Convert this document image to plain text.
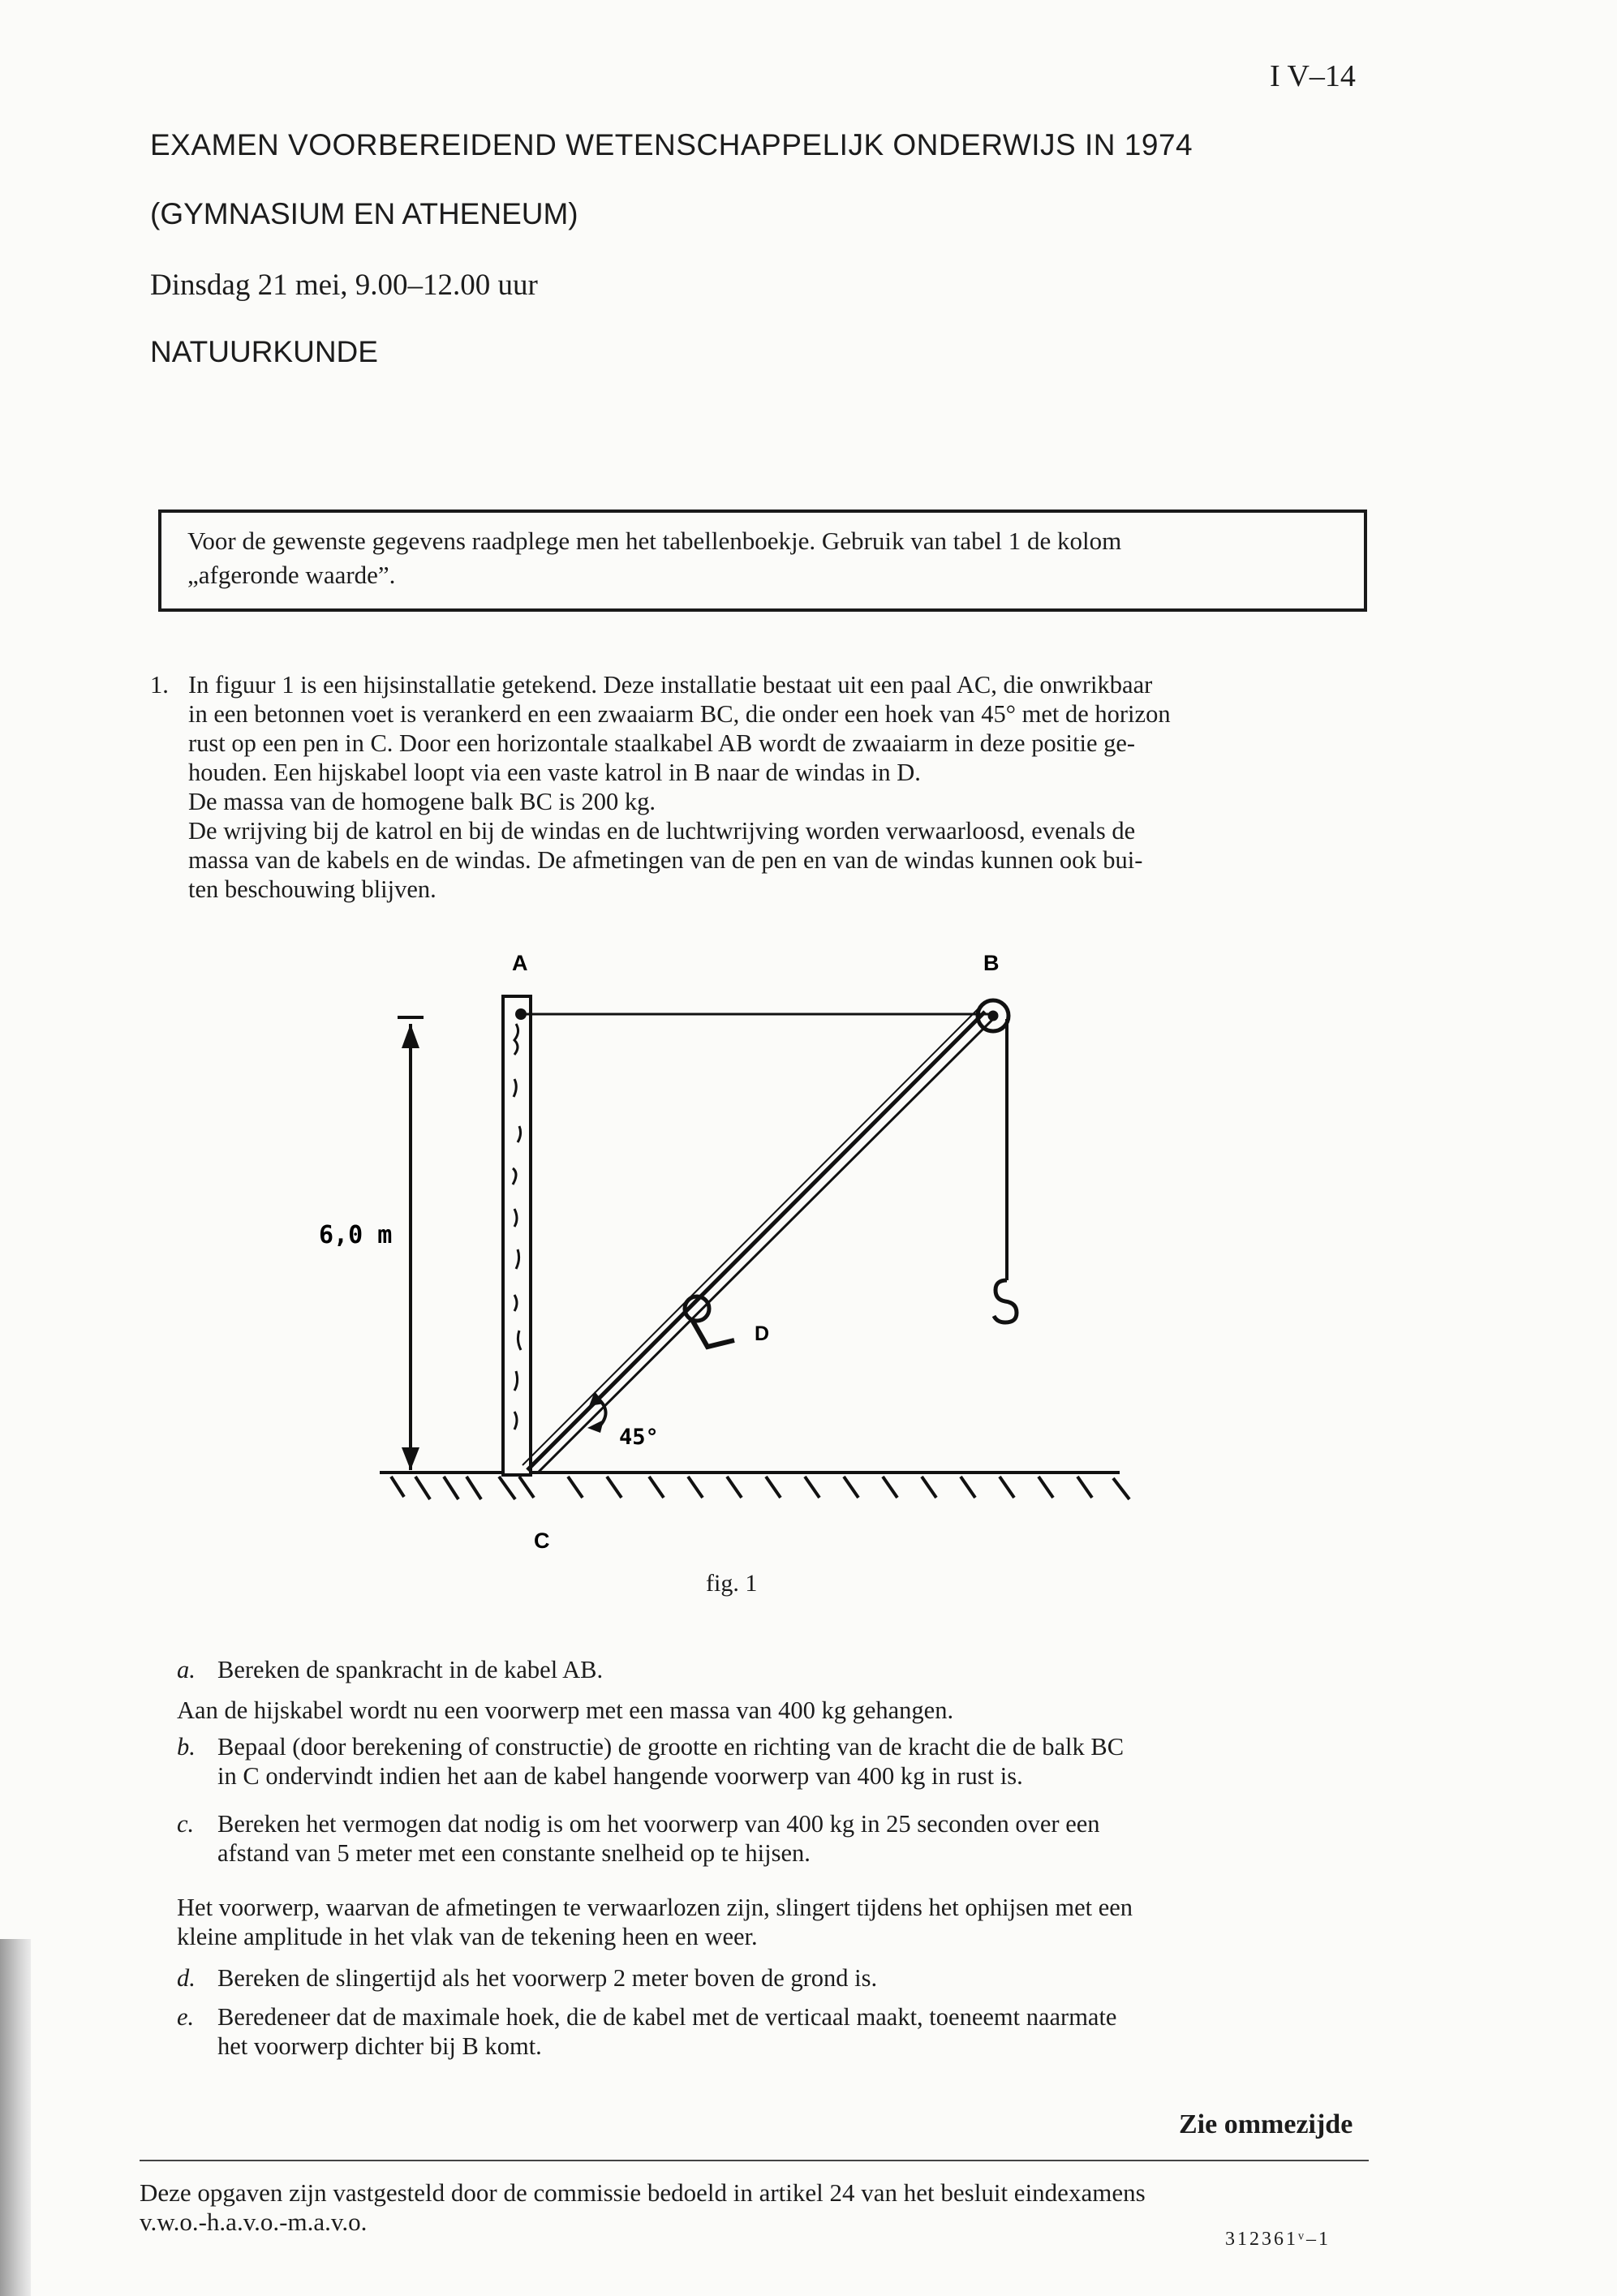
I V–14
EXAMEN VOORBEREIDEND WETENSCHAPPELIJK ONDERWIJS IN 1974
(GYMNASIUM EN ATHENEUM)
Dinsdag 21 mei, 9.00–12.00 uur
NATUURKUNDE
Voor de gewenste gegevens raadplege men het tabellenboekje. Gebruik van tabel 1 de kolom
„afgeronde waarde”.
1. In figuur 1 is een hijsinstallatie getekend. Deze installatie bestaat uit een paal AC, die onwrikbaar
in een betonnen voet is verankerd en een zwaaiarm BC, die onder een hoek van 45° met de horizon
rust op een pen in C. Door een horizontale staalkabel AB wordt de zwaaiarm in deze positie ge-
houden. Een hijskabel loopt via een vaste katrol in B naar de windas in D.
De massa van de homogene balk BC is 200 kg.
De wrijving bij de katrol en bij de windas en de luchtwrijving worden verwaarloosd, evenals de
massa van de kabels en de windas. De afmetingen van de pen en van de windas kunnen ook bui-
ten beschouwing blijven.
A	B
C
D
6,0 m
45°
fig. 1
a. Bereken de spankracht in de kabel AB.
Aan de hijskabel wordt nu een voorwerp met een massa van 400 kg gehangen.
b. Bepaal (door berekening of constructie) de grootte en richting van de kracht die de balk BC
in C ondervindt indien het aan de kabel hangende voorwerp van 400 kg in rust is.
c. Bereken het vermogen dat nodig is om het voorwerp van 400 kg in 25 seconden over een
afstand van 5 meter met een constante snelheid op te hijsen.
Het voorwerp, waarvan de afmetingen te verwaarlozen zijn, slingert tijdens het ophijsen met een
kleine amplitude in het vlak van de tekening heen en weer.
d. Bereken de slingertijd als het voorwerp 2 meter boven de grond is.
e. Beredeneer dat de maximale hoek, die de kabel met de verticaal maakt, toeneemt naarmate
het voorwerp dichter bij B komt.
Zie ommezijde
Deze opgaven zijn vastgesteld door de commissie bedoeld in artikel 24 van het besluit eindexamens
v.w.o.-h.a.v.o.-m.a.v.o.
312361ᵛ–1
